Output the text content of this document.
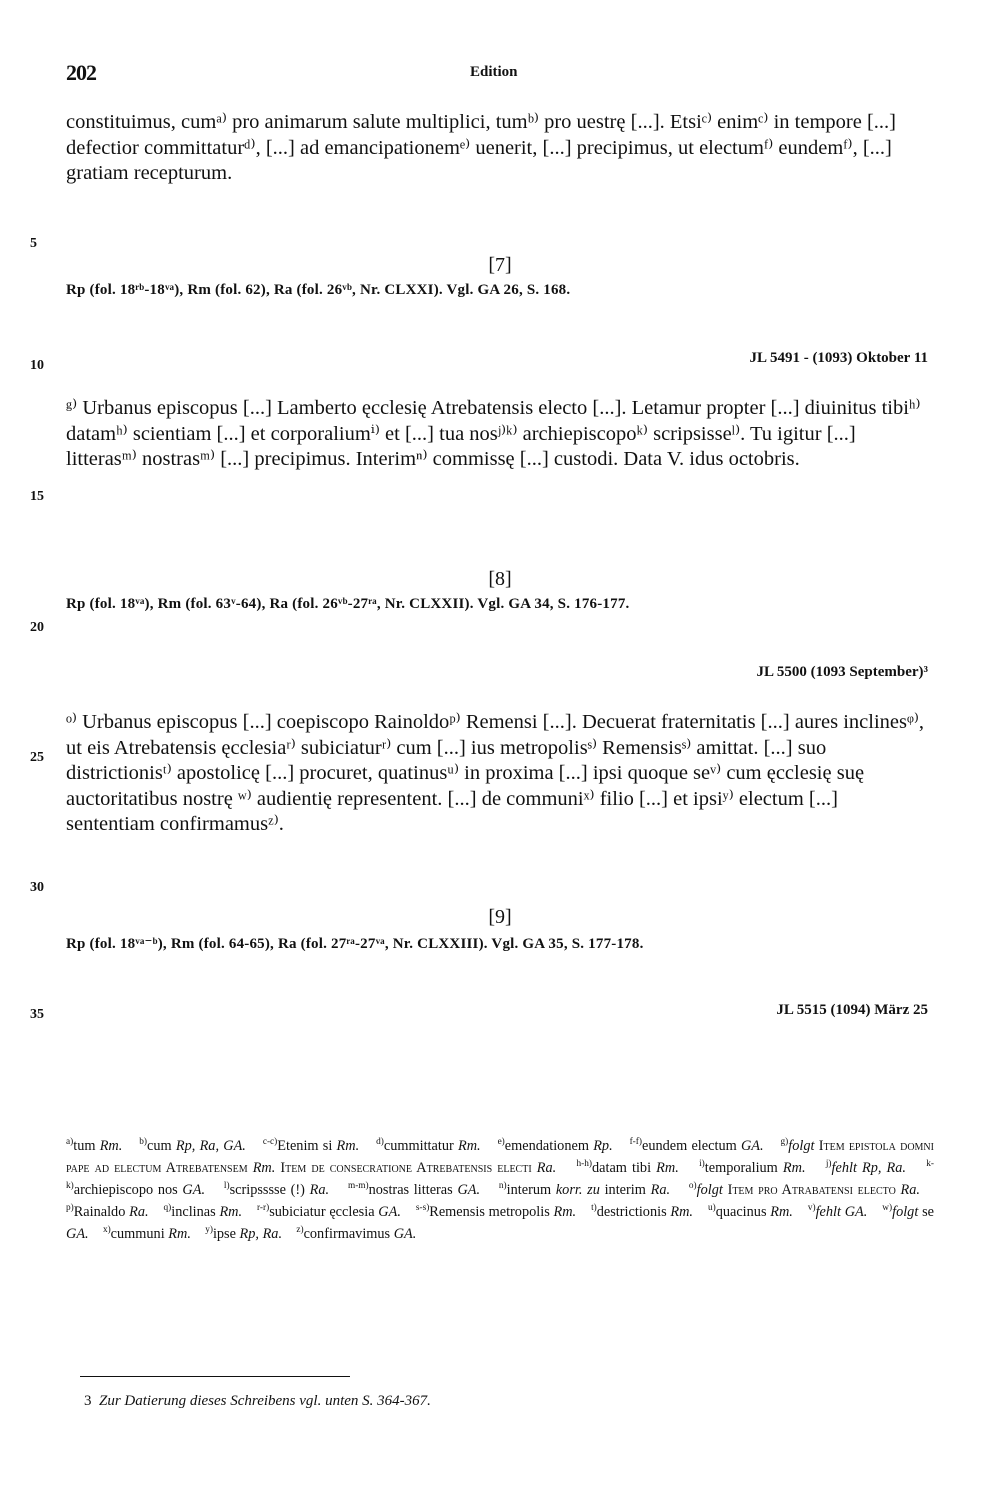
202	Edition
5
10
15
20
25
30
35

constituimus, cumᵃ⁾ pro animarum salute multiplici, tumᵇ⁾ pro uestrę [...]. Etsiᶜ⁾ enimᶜ⁾ in tempore [...] defectior committaturᵈ⁾, [...] ad emancipationemᵉ⁾ uenerit, [...] precipimus, ut electumᶠ⁾ eundemᶠ⁾, [...] gratiam recepturum.

[7]
Rp (fol. 18ʳᵇ-18ᵛᵃ), Rm (fol. 62), Ra (fol. 26ᵛᵇ, Nr. CLXXI). Vgl. GA 26, S. 168.
JL 5491 - (1093) Oktober 11

ᵍ⁾ Urbanus episcopus [...] Lamberto ęcclesię Atrebatensis electo [...]. Letamur propter [...] diuinitus tibiʰ⁾ datamʰ⁾ scientiam [...] et corporaliumⁱ⁾ et [...] tua nosʲ⁾ᵏ⁾ archiepiscopoᵏ⁾ scripsisseˡ⁾. Tu igitur [...] litterasᵐ⁾ nostrasᵐ⁾ [...] precipimus. Interimⁿ⁾ commissę [...] custodi. Data V. idus octobris.

[8]
Rp (fol. 18ᵛᵃ), Rm (fol. 63ᵛ-64), Ra (fol. 26ᵛᵇ-27ʳᵃ, Nr. CLXXII). Vgl. GA 34, S. 176-177.
JL 5500 (1093 September)³

ᵒ⁾ Urbanus episcopus [...] coepiscopo Rainoldoᵖ⁾ Remensi [...]. Decuerat fraternitatis [...] aures inclinesᵠ⁾, ut eis Atrebatensis ęcclesiaʳ⁾ subiciaturʳ⁾ cum [...] ius metropolisˢ⁾ Remensisˢ⁾ amittat. [...] suo districtionisᵗ⁾ apostolicę [...] procuret, quatinusᵘ⁾ in proxima [...] ipsi quoque seᵛ⁾ cum ęcclesię suę auctoritatibus nostrę ʷ⁾ audientię representent. [...] de communiˣ⁾ filio [...] et ipsiʸ⁾ electum [...] sententiam confirmamusᶻ⁾.

[9]
Rp (fol. 18ᵛᵃ⁻ᵇ), Rm (fol. 64-65), Ra (fol. 27ʳᵃ-27ᵛᵃ, Nr. CLXXIII). Vgl. GA 35, S. 177-178.
JL 5515 (1094) März 25
$^{a)}$tum Rm. $^{b)}$cum Rp, Ra, GA. $^{c-c)}$Etenim si Rm. $^{d)}$cummittatur Rm. $^{e)}$emendationem Rp. $^{f-f)}$eundem electum GA. $^{g)}$folgt Item epistola domni pape ad electum Atrebatensem Rm. Item de consecratione Atrebatensis electi Ra. $^{h-h)}$datam tibi Rm. $^{i)}$temporalium Rm. $^{j)}$fehlt Rp, Ra. $^{k-k)}$archiepiscopo nos GA. $^{l)}$scripsssse (!) Ra. $^{m-m)}$nostras litteras GA. $^{n)}$interum korr. zu interim Ra. $^{o)}$folgt Item pro Atrabatensi electo Ra.    $^{p)}$Rainaldo Ra. $^{q)}$inclinas Rm. $^{r-r)}$subiciatur ęcclesia GA. $^{s-s)}$Remensis metropolis Rm. $^{t)}$destrictionis Rm. $^{u)}$quacinus Rm. $^{v)}$fehlt GA. $^{w)}$folgt se GA. $^{x)}$cummuni Rm. $^{y)}$ipse Rp, Ra. $^{z)}$confirmavimus GA.
3 Zur Datierung dieses Schreibens vgl. unten S. 364-367.
